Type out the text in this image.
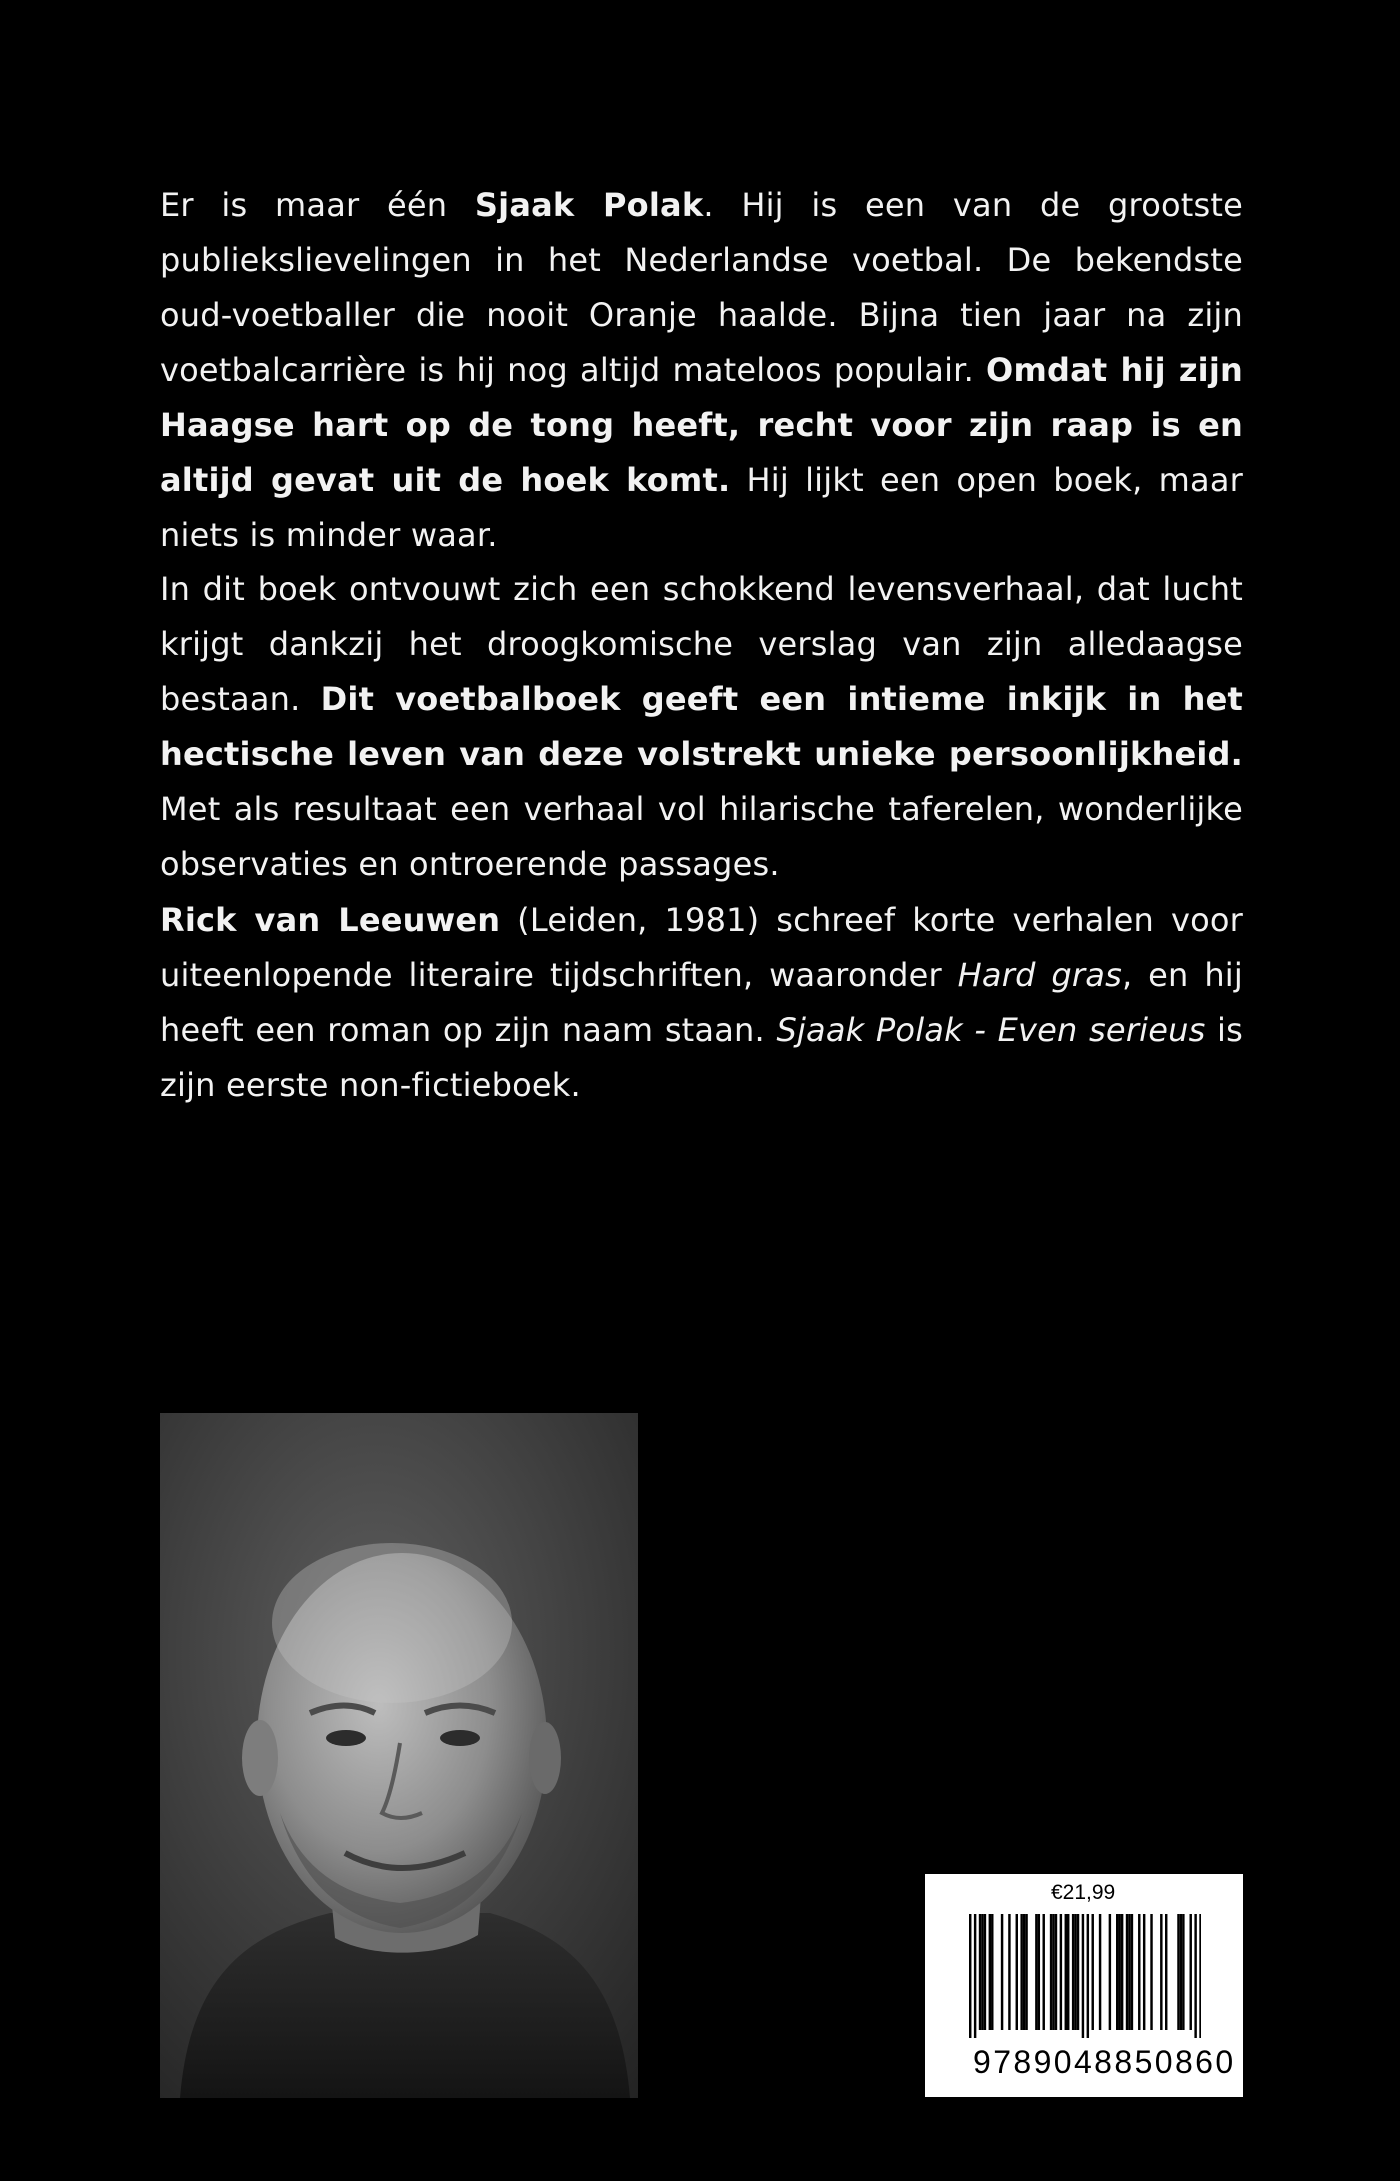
Er is maar één Sjaak Polak. Hij is een van de grootste publiekslievelingen in het Nederlandse voetbal. De bekendste oud-voetballer die nooit Oranje haalde. Bijna tien jaar na zijn voetbalcarrière is hij nog altijd mateloos populair. Omdat hij zijn Haagse hart op de tong heeft, recht voor zijn raap is en altijd gevat uit de hoek komt. Hij lijkt een open boek, maar niets is minder waar.
In dit boek ontvouwt zich een schokkend levensverhaal, dat lucht krijgt dankzij het droogkomische verslag van zijn alledaagse bestaan. Dit voetbalboek geeft een intieme inkijk in het hectische leven van deze volstrekt unieke persoonlijkheid. Met als resultaat een verhaal vol hilarische taferelen, wonderlijke observaties en ontroerende passages.
Rick van Leeuwen (Leiden, 1981) schreef korte verhalen voor uiteenlopende literaire tijdschriften, waaronder Hard gras, en hij heeft een roman op zijn naam staan. Sjaak Polak - Even serieus is zijn eerste non-fictieboek.
€21,99
9789048850860
